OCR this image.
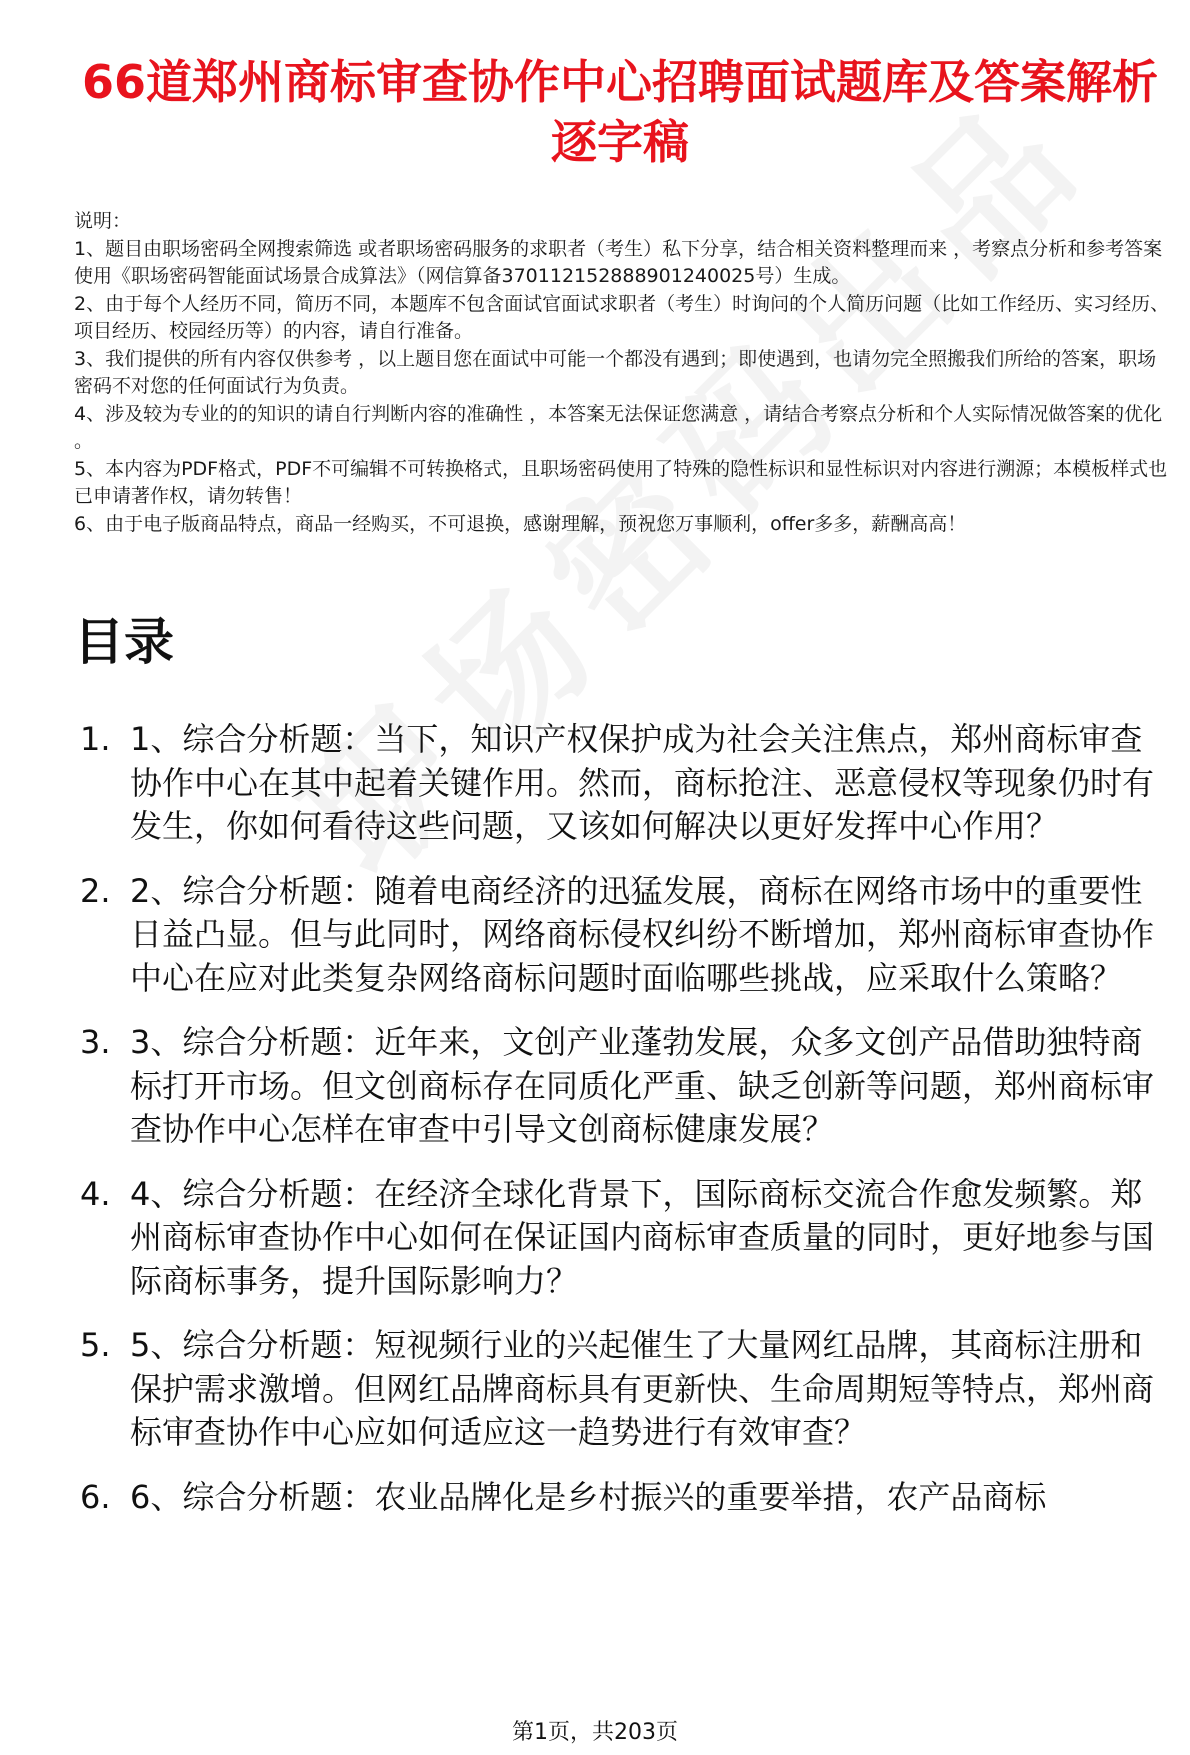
66道郑州商标审查协作中心招聘面试题库及答案解析逐字稿

说明：

1、题目由职场密码全网搜索筛选 或者职场密码服务的求职者（考生）私下分享，结合相关资料整理而来 ，考察点分析和参考答案使用《职场密码智能面试场景合成算法》（网信算备370112152888901240025号）生成。

2、由于每个人经历不同，简历不同，本题库不包含面试官面试求职者（考生）时询问的个人简历问题（比如工作经历、实习经历、项目经历、校园经历等）的内容，请自行准备。

3、我们提供的所有内容仅供参考 ，以上题目您在面试中可能一个都没有遇到；即使遇到，也请勿完全照搬我们所给的答案，职场密码不对您的任何面试行为负责。

4、涉及较为专业的的知识的请自行判断内容的准确性 ，本答案无法保证您满意 ，请结合考察点分析和个人实际情况做答案的优化 。

5、本内容为PDF格式，PDF不可编辑不可转换格式，且职场密码使用了特殊的隐性标识和显性标识对内容进行溯源；本模板样式也已申请著作权，请勿转售！

6、由于电子版商品特点，商品一经购买，不可退换，感谢理解，预祝您万事顺利，offer多多，薪酬高高！

目录
1. 1、综合分析题：当下，知识产权保护成为社会关注焦点，郑州商标审查协作中心在其中起着关键作用。然而，商标抢注、恶意侵权等现象仍时有发生，你如何看待这些问题，又该如何解决以更好发挥中心作用？
2. 2、综合分析题：随着电商经济的迅猛发展，商标在网络市场中的重要性日益凸显。但与此同时，网络商标侵权纠纷不断增加，郑州商标审查协作中心在应对此类复杂网络商标问题时面临哪些挑战，应采取什么策略？
3. 3、综合分析题：近年来，文创产业蓬勃发展，众多文创产品借助独特商标打开市场。但文创商标存在同质化严重、缺乏创新等问题，郑州商标审查协作中心怎样在审查中引导文创商标健康发展？
4. 4、综合分析题：在经济全球化背景下，国际商标交流合作愈发频繁。郑州商标审查协作中心如何在保证国内商标审查质量的同时，更好地参与国际商标事务，提升国际影响力？
5. 5、综合分析题：短视频行业的兴起催生了大量网红品牌，其商标注册和保护需求激增。但网红品牌商标具有更新快、生命周期短等特点，郑州商标审查协作中心应如何适应这一趋势进行有效审查？
6. 6、综合分析题：农业品牌化是乡村振兴的重要举措，农产品商标
第1页，共203页
